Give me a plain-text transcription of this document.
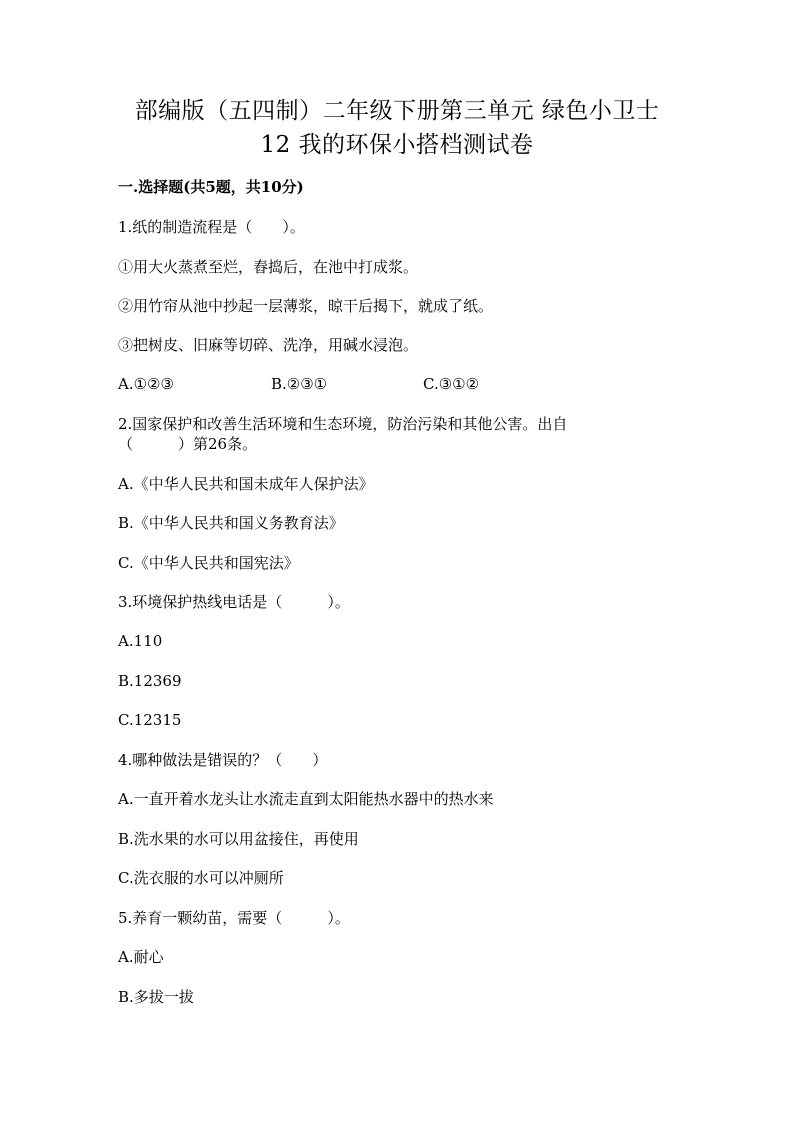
部编版（五四制）二年级下册第三单元 绿色小卫士
12 我的环保小搭档测试卷
一.选择题(共5题，共10分)
1.纸的制造流程是（　　）。
①用大火蒸煮至烂，舂捣后，在池中打成浆。
②用竹帘从池中抄起一层薄浆，晾干后揭下，就成了纸。
③把树皮、旧麻等切碎、洗净，用碱水浸泡。
A.①②③	B.②③①	C.③①②
2.国家保护和改善生活环境和生态环境，防治污染和其他公害。出自
（　　　）第26条。
A.《中华人民共和国未成年人保护法》
B.《中华人民共和国义务教育法》
C.《中华人民共和国宪法》
3.环境保护热线电话是（　　　）。
A.110
B.12369
C.12315
4.哪种做法是错误的？（　　）
A.一直开着水龙头让水流走直到太阳能热水器中的热水来
B.洗水果的水可以用盆接住，再使用
C.洗衣服的水可以冲厕所
5.养育一颗幼苗，需要（　　　）。
A.耐心
B.多拔一拔
